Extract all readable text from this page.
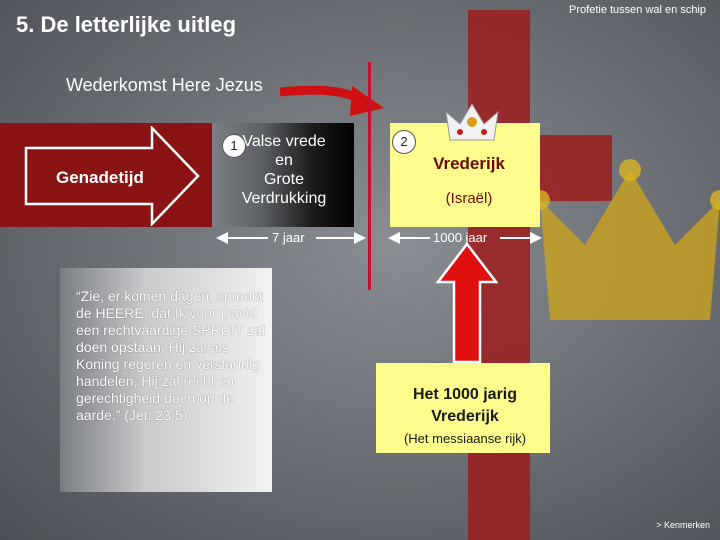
5. De letterlijke uitleg
Profetie tussen wal en schip
Wederkomst Here Jezus
Genadetijd
1 Valse vrede
en
Grote
Verdrukking
2
Vrederijk
(Israël)
7 jaar	1000 jaar
“Zie, er komen dagen, spreekt de HEERE, dat Ik voor David een rechtvaardige SPRUIT zal doen opstaan. Hij zal als Koning regeren en verstandig handelen, Hij zal recht en gerechtigheid doen op de aarde.” (Jer. 23:5)
Het 1000 jarig
Vrederijk
(Het messiaanse rijk)
> Kenmerken
